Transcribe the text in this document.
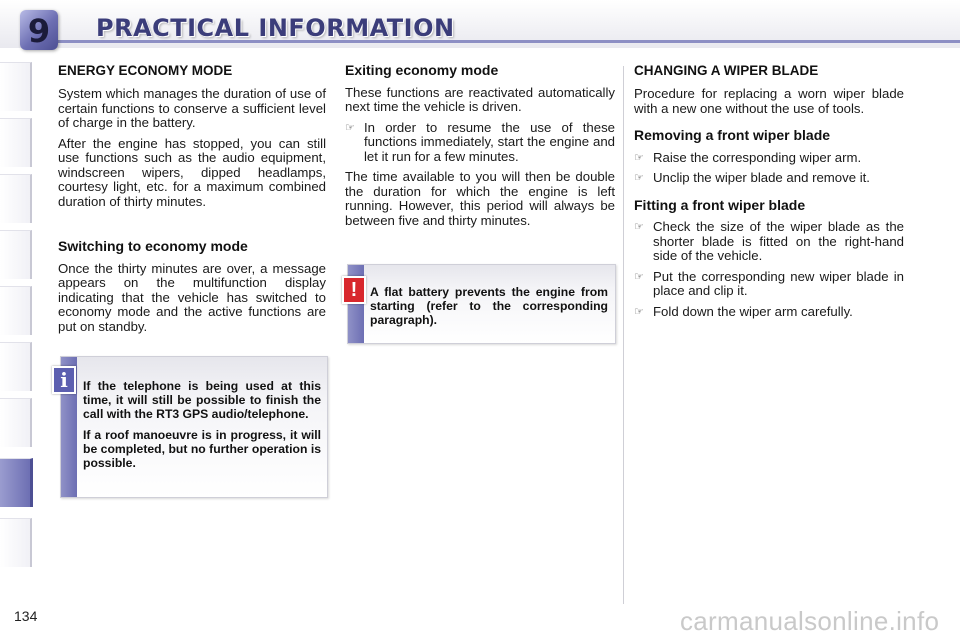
9	PRACTICAL INFORMATION
ENERGY ECONOMY MODE

System which manages the duration of use of certain functions to conserve a sufficient level of charge in the battery.

After the engine has stopped, you can still use functions such as the audio equipment, windscreen wipers, dipped headlamps, courtesy light, etc. for a maximum combined duration of thirty minutes.

Switching to economy mode

Once the thirty minutes are over, a message appears on the multifunction display indicating that the vehicle has switched to economy mode and the active functions are put on standby.

If the telephone is being used at this time, it will still be possible to finish the call with the RT3 GPS audio/telephone.

If a roof manoeuvre is in progress, it will be completed, but no further operation is possible.

i
Exiting economy mode

These functions are reactivated automatically next time the vehicle is driven.

☞ In order to resume the use of these functions immediately, start the engine and let it run for a few minutes.

The time available to you will then be double the duration for which the engine is left running. However, this period will always be between five and thirty minutes.

A flat battery prevents the engine from starting (refer to the corresponding paragraph).

!
CHANGING A WIPER BLADE

Procedure for replacing a worn wiper blade with a new one without the use of tools.

Removing a front wiper blade
☞ Raise the corresponding wiper arm.
☞ Unclip the wiper blade and remove it.
Fitting a front wiper blade
☞ Check the size of the wiper blade as the shorter blade is fitted on the right-hand side of the vehicle.
☞ Put the corresponding new wiper blade in place and clip it.
☞ Fold down the wiper arm carefully.
134	carmanualsonline.info
